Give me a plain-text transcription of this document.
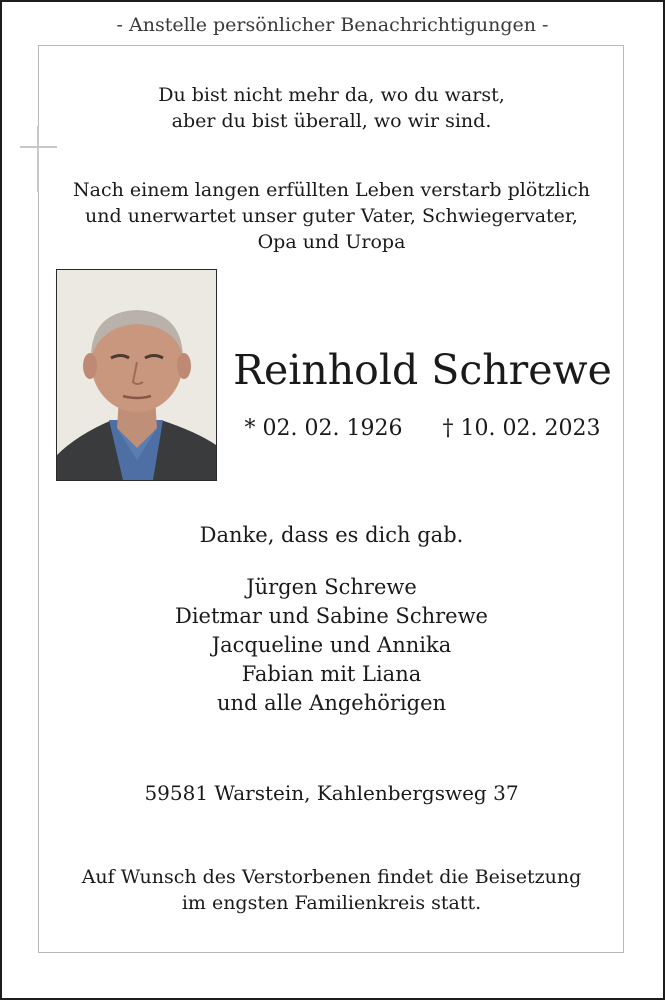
- Anstelle persönlicher Benachrichtigungen -
Du bist nicht mehr da, wo du warst,
aber du bist überall, wo wir sind.
Nach einem langen erfüllten Leben verstarb plötzlich
und unerwartet unser guter Vater, Schwiegervater,
Opa und Uropa
Reinhold Schrewe
* 02. 02. 1926 † 10. 02. 2023
Danke, dass es dich gab.
Jürgen Schrewe
Dietmar und Sabine Schrewe
Jacqueline und Annika
Fabian mit Liana
und alle Angehörigen
59581 Warstein, Kahlenbergsweg 37
Auf Wunsch des Verstorbenen findet die Beisetzung
im engsten Familienkreis statt.
